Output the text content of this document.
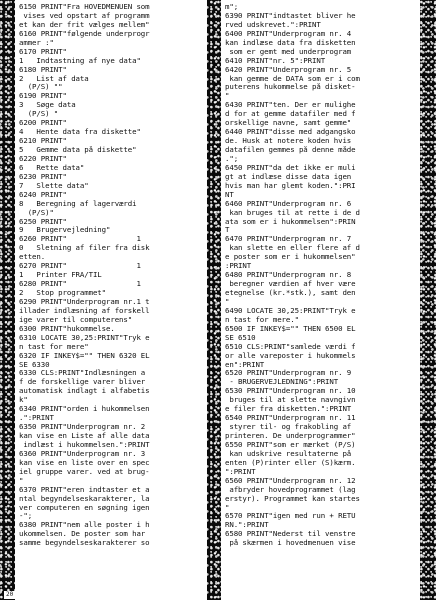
6150 PRINT"Fra HOVEDMENUEN som
vises ved opstart af programm
et kan der frit vælges mellem"
6160 PRINT"følgende underprogr
ammer :"
6170 PRINT"
1   Indtastning af nye data"
6180 PRINT"
2   List af data
(P/S) ""
6190 PRINT"
3   Søge data
(P/S) "
6200 PRINT"
4   Hente data fra diskette"
6210 PRINT"
5   Gemme data på diskette"
6220 PRINT"
6   Rette data"
6230 PRINT"
7   Slette data"
6240 PRINT"
8   Beregning af lagerværdi
(P/S)"
6250 PRINT"
9   Brugervejledning"
6260 PRINT"                1
0   Sletning af filer fra disk
etten.
6270 PRINT"                1
1   Printer FRA/TIL
6280 PRINT"                1
2   Stop programmet"
6290 PRINT"Underprogram nr.1 t
illader indlæsning af forskell
ige varer til computerens"
6300 PRINT"hukommelse.
6310 LOCATE 30,25:PRINT"Tryk e
n tast for mere"
6320 IF INKEY$="" THEN 6320 EL
SE 6330
6330 CLS:PRINT"Indlæsningen a
f de forskellige varer bliver
automatisk indlagt i alfabetis
k"
6340 PRINT"orden i hukommelsen
.":PRINT
6350 PRINT"Underprogram nr. 2
kan vise en Liste af alle data
indlæst i hukommelsen.":PRINT
6360 PRINT"Underprogram nr. 3
kan vise en liste over en spec
iel gruppe varer. ved at brug-
"
6370 PRINT"eren indtaster et a
ntal begyndelseskarakterer, la
ver computeren en søgning igen
-";
6380 PRINT"nem alle poster i h
ukommelsen. De poster som har
samme begyndelseskarakterer so
m";
6390 PRINT"indtastet bliver he
rved udskrevet.":PRINT
6400 PRINT"Underprogram nr. 4
kan indlæse data fra disketten
som er gemt med underprogram
6410 PRINT"nr. 5":PRINT
6420 PRINT"Underprogram nr. 5
kan gemme de DATA som er i com
puterens hukommelse på disket-
"
6430 PRINT"ten. Der er mulighe
d for at gemme datafiler med f
orskellige navne, samt gemme"
6440 PRINT"disse med adgangsko
de. Husk at notere koden hvis
datafilen gemmes på denne måde
.";
6450 PRINT"da det ikke er muli
gt at indlæse disse data igen
hvis man har glemt koden.":PRI
NT
6460 PRINT"Underprogram nr. 6
kan bruges til at rette i de d
ata som er i hukommelsen":PRIN
T
6470 PRINT"Underprogram nr. 7
kan slette en eller flere af d
e poster som er i hukommelsen"
:PRINT
6480 PRINT"Underprogram nr. 8
beregner værdien af hver være
etegnelse (kr.*stk.), samt den
"
6490 LOCATE 30,25:PRINT"Tryk e
n tast for mere."
6500 IF INKEY$="" THEN 6500 EL
SE 6510
6510 CLS:PRINT"samlede værdi f
or alle vareposter i hukommels
en":PRINT
6520 PRINT"Underprogram nr. 9
- BRUGERVEJLEDNING":PRINT
6530 PRINT"Underprogram nr. 10
bruges til at slette navngivn
e filer fra disketten.":PRINT
6540 PRINT"Underprogram nr. 11
styrer til- og frakobling af
printeren. De underprogrammer"
6550 PRINT"som er mærket (P/S)
kan udskrive resultaterne på
enten (P)rinter eller (S)kærm.
":PRINT
6560 PRINT"Underprogram nr. 12
afbryder hovedprogrammet (lag
erstyr). Programmet kan startes
"
6570 PRINT"igen med run + RETU
RN.":PRINT
6580 PRINT"Nederst til venstre
på skærmen i hovedmenuen vise
20
